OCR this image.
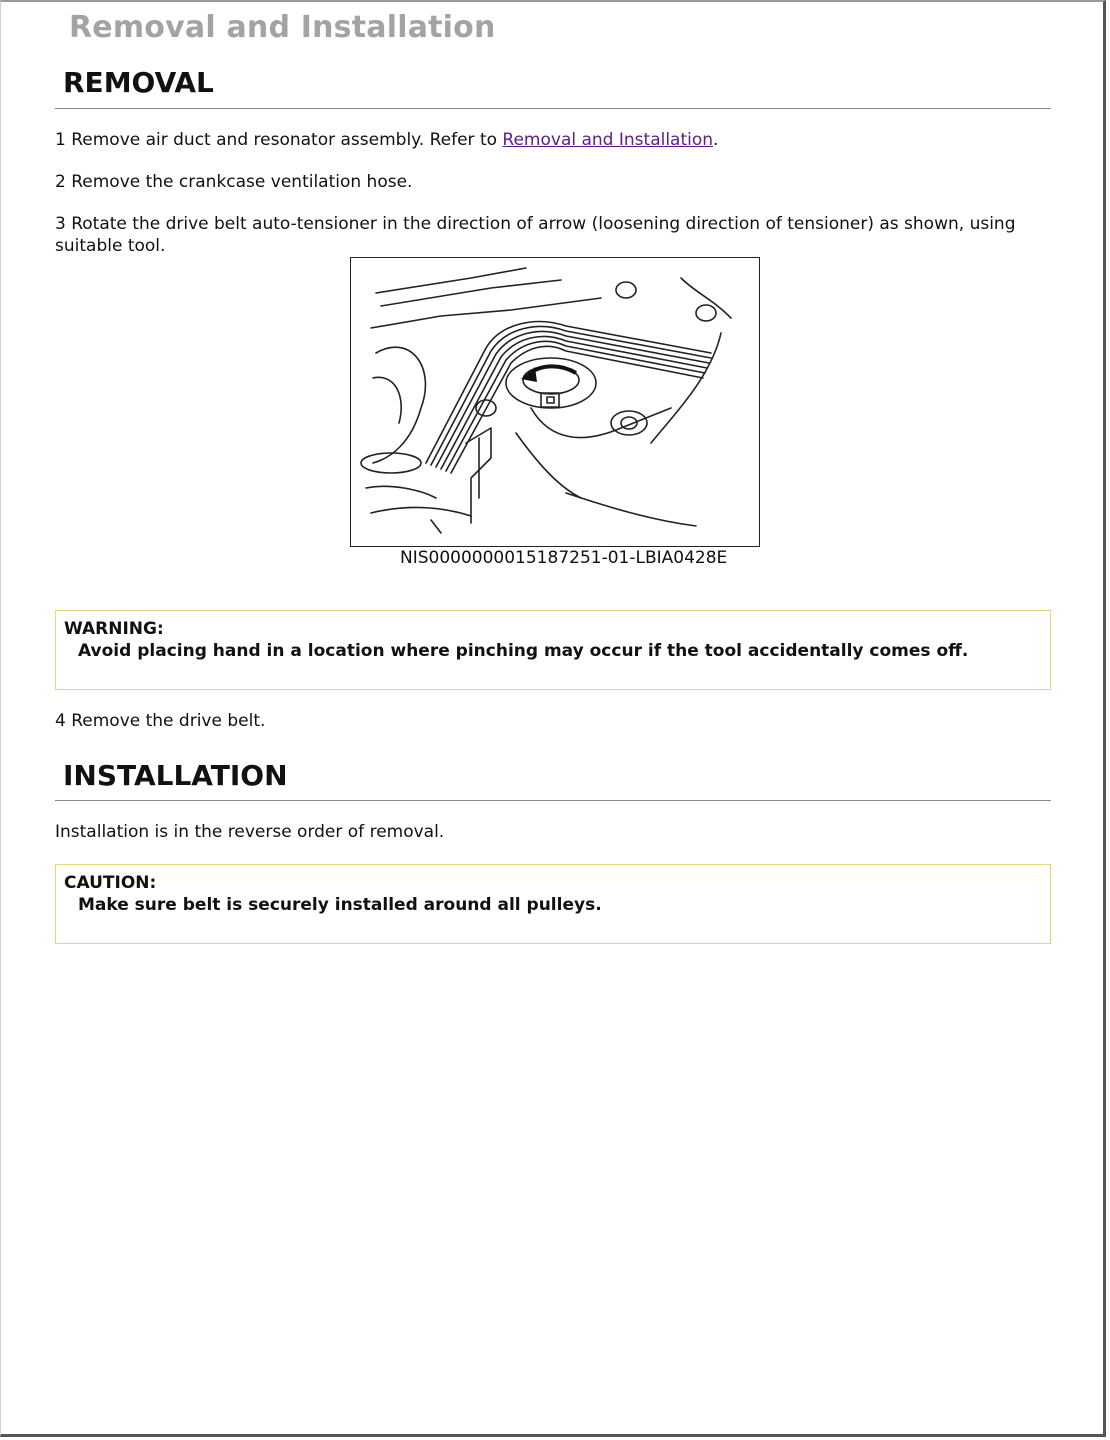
Removal and Installation
REMOVAL
1 Remove air duct and resonator assembly. Refer to Removal and Installation.
2 Remove the crankcase ventilation hose.
3 Rotate the drive belt auto-tensioner in the direction of arrow (loosening direction of tensioner) as shown, using suitable tool.
NIS0000000015187251-01-LBIA0428E
WARNING:
Avoid placing hand in a location where pinching may occur if the tool accidentally comes off.
4 Remove the drive belt.
INSTALLATION
Installation is in the reverse order of removal.
CAUTION:
Make sure belt is securely installed around all pulleys.
